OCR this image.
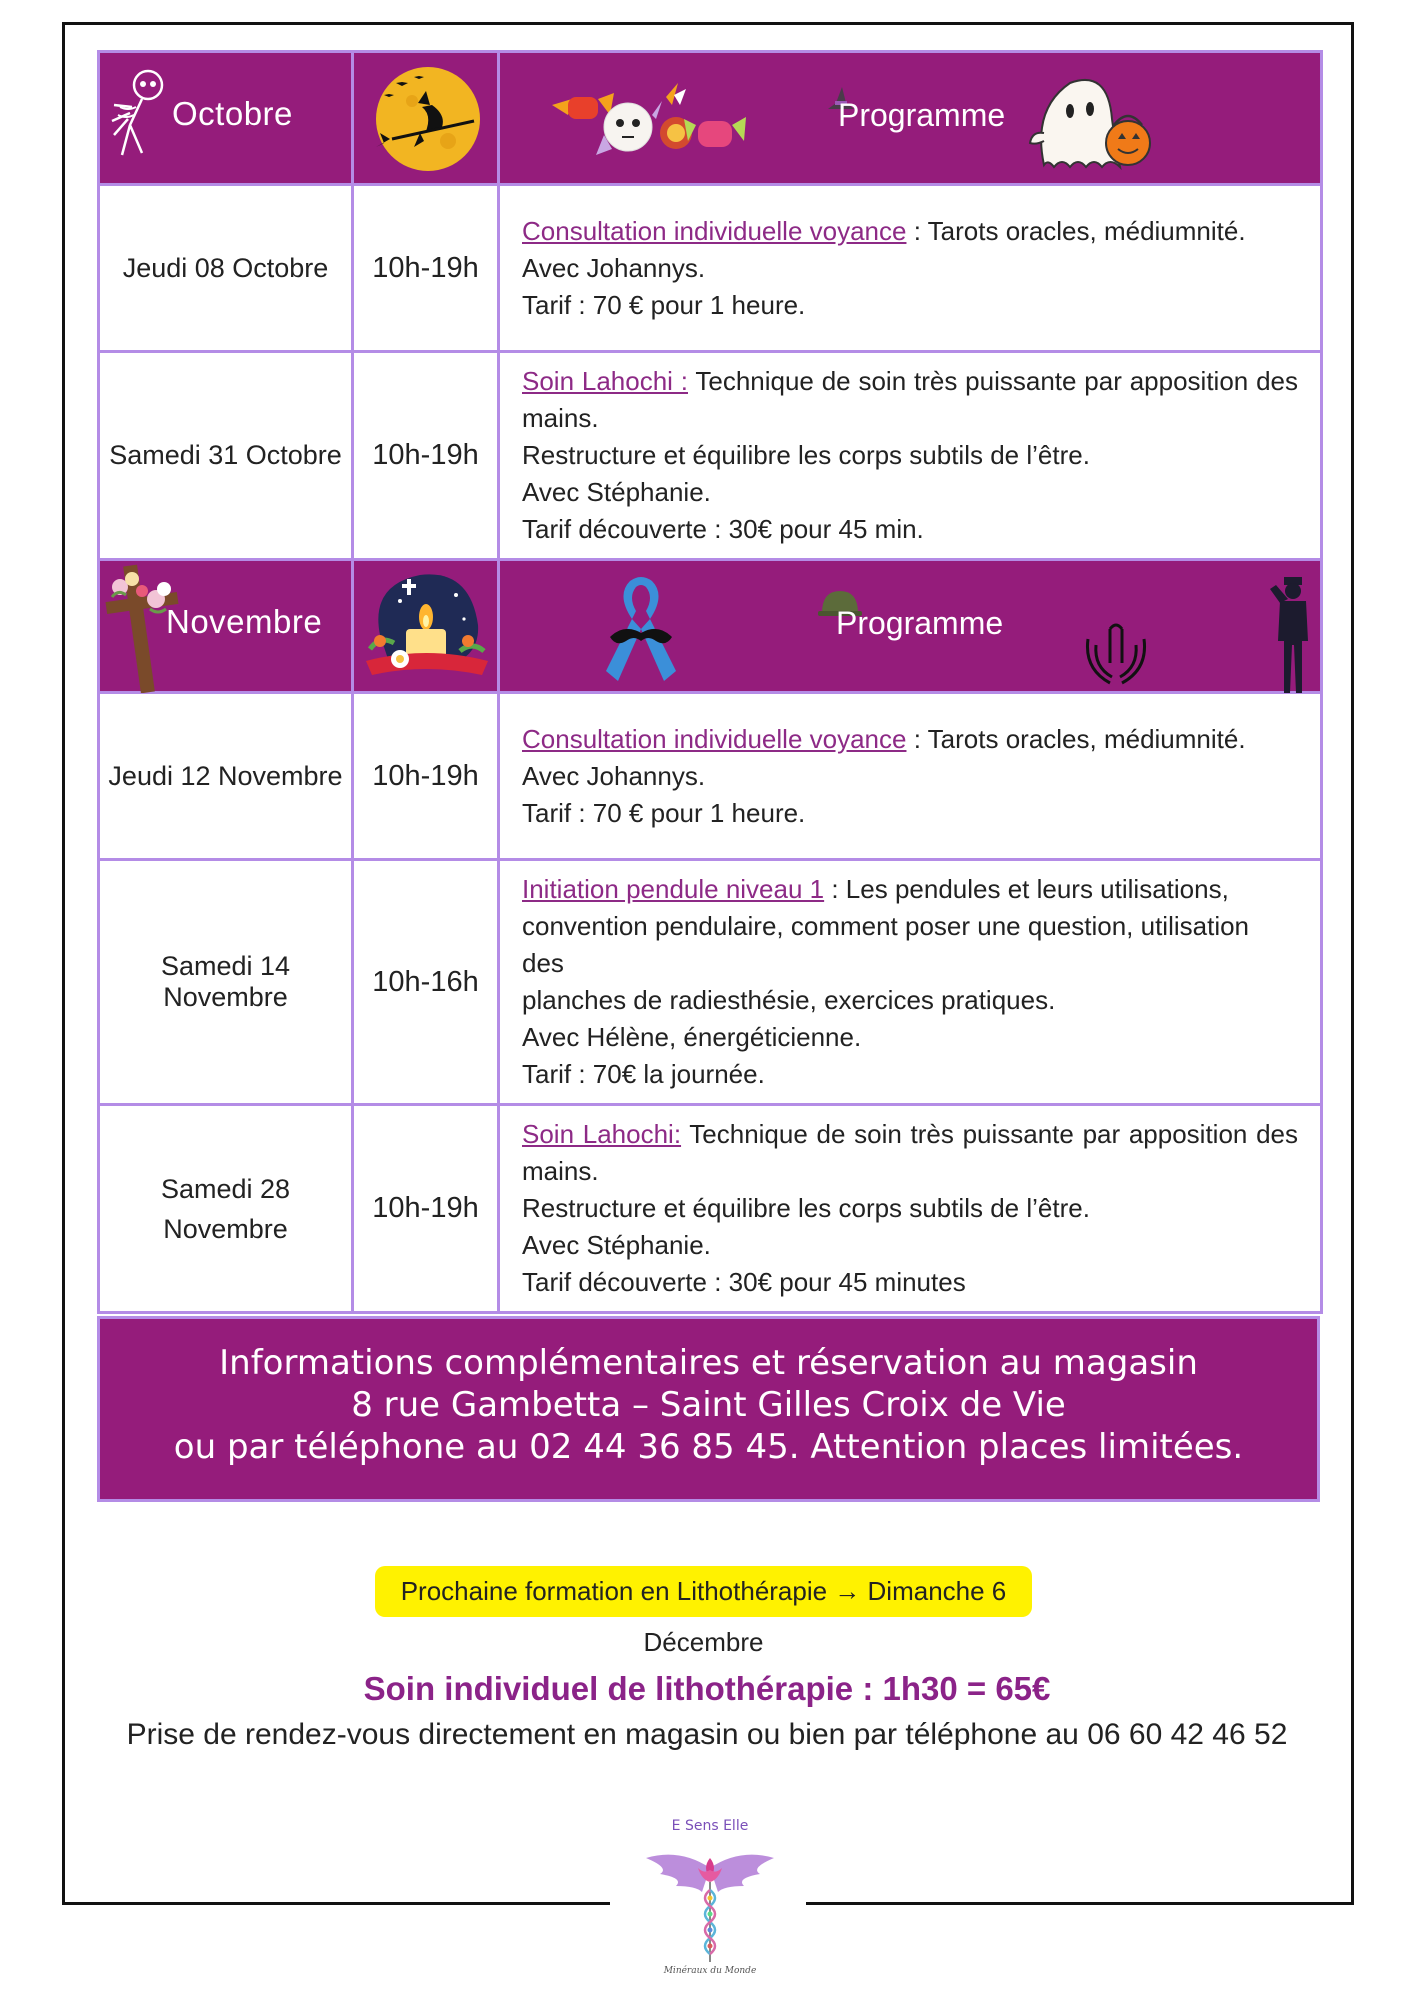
Octobre		Programme

Jeudi 08 Octobre	10h-19h	Consultation individuelle voyance : Tarots oracles, médiumnité.

Avec Johannys.

Tarif : 70 € pour 1 heure.

Samedi 31 Octobre	10h-19h	Soin Lahochi : Technique de soin très puissante par apposition des mains.

Restructure et équilibre les corps subtils de l’être.

Avec Stéphanie.

Tarif découverte : 30€ pour 45 min.

Novembre		Programme

Jeudi 12 Novembre	10h-19h	Consultation individuelle voyance : Tarots oracles, médiumnité.

Avec Johannys.

Tarif : 70 € pour 1 heure.

Samedi 14 Novembre	10h-16h	Initiation pendule niveau 1 : Les pendules et leurs utilisations,

convention pendulaire, comment poser une question, utilisation des

planches de radiesthésie, exercices pratiques.

Avec Hélène, énergéticienne.

Tarif : 70€ la journée.

Samedi 28 Novembre	10h-19h	Soin Lahochi: Technique de soin très puissante par apposition des mains.

Restructure et équilibre les corps subtils de l’être.

Avec Stéphanie.

Tarif découverte : 30€ pour 45 minutes

Informations complémentaires et réservation au magasin
8 rue Gambetta – Saint Gilles Croix de Vie
ou par téléphone au 02 44 36 85 45. Attention places limitées.
Prochaine formation en Lithothérapie → Dimanche 6 Décembre
Soin individuel de lithothérapie : 1h30 = 65€
Prise de rendez-vous directement en magasin ou bien par téléphone au 06 60 42 46 52
E Sens Elle
Minéraux du Monde
